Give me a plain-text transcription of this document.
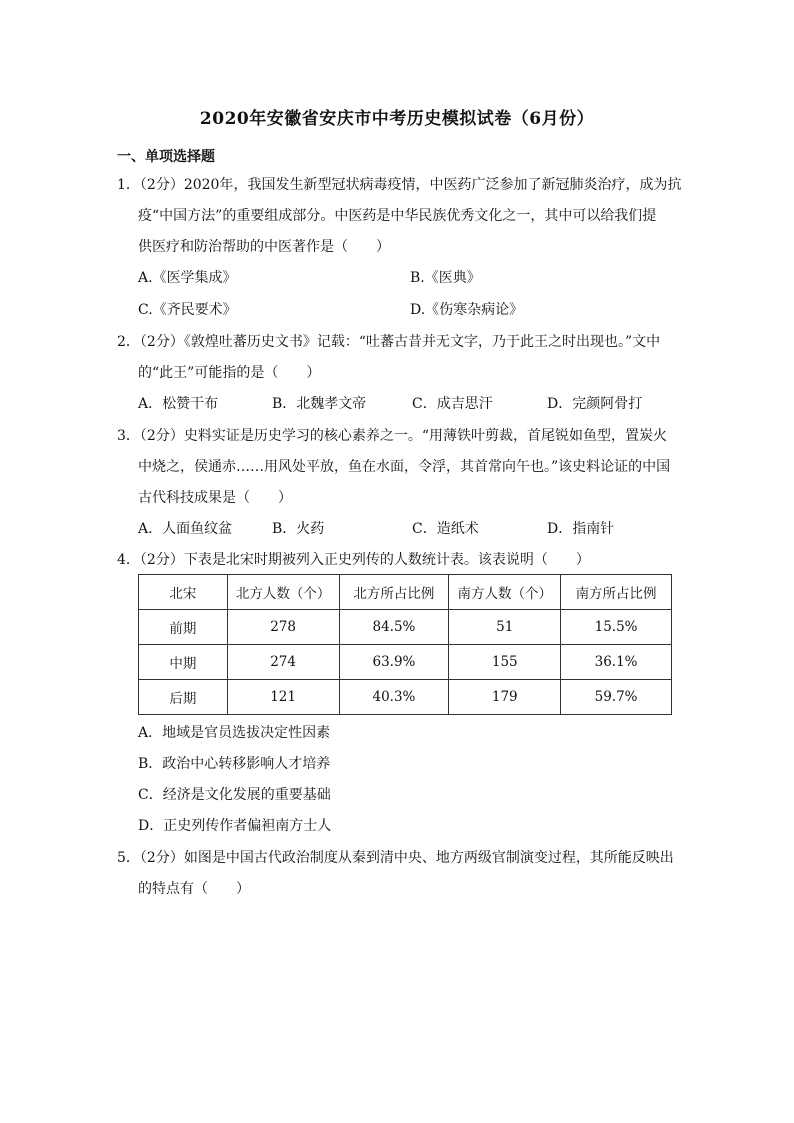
2020年安徽省安庆市中考历史模拟试卷（6月份）
一、单项选择题
1．（2分）2020年，我国发生新型冠状病毒疫情，中医药广泛参加了新冠肺炎治疗，成为抗
疫“中国方法”的重要组成部分。中医药是中华民族优秀文化之一，其中可以给我们提
供医疗和防治帮助的中医著作是（　　）
A.《医学集成》	B.《医典》
C.《齐民要术》	D.《伤寒杂病论》
2．（2分）《敦煌吐蕃历史文书》记载：“吐蕃古昔并无文字，乃于此王之时出现也。”文中
的“此王”可能指的是（　　）
A．松赞干布	B．北魏孝文帝	C．成吉思汗	D．完颜阿骨打
3．（2分）史料实证是历史学习的核心素养之一。“用薄铁叶剪裁，首尾锐如鱼型，置炭火
中烧之，侯通赤……用风处平放，鱼在水面，令浮，其首常向午也。”该史料论证的中国
古代科技成果是（　　）
A．人面鱼纹盆	B．火药	C．造纸术	D．指南针
4．（2分）下表是北宋时期被列入正史列传的人数统计表。该表说明（　　）
北宋	北方人数（个）	北方所占比例	南方人数（个）	南方所占比例
前期	278	84.5%	51	15.5%
中期	274	63.9%	155	36.1%
后期	121	40.3%	179	59.7%
A．地域是官员选拔决定性因素
B．政治中心转移影响人才培养
C．经济是文化发展的重要基础
D．正史列传作者偏袒南方士人
5．（2分）如图是中国古代政治制度从秦到清中央、地方两级官制演变过程，其所能反映出
的特点有（　　）
